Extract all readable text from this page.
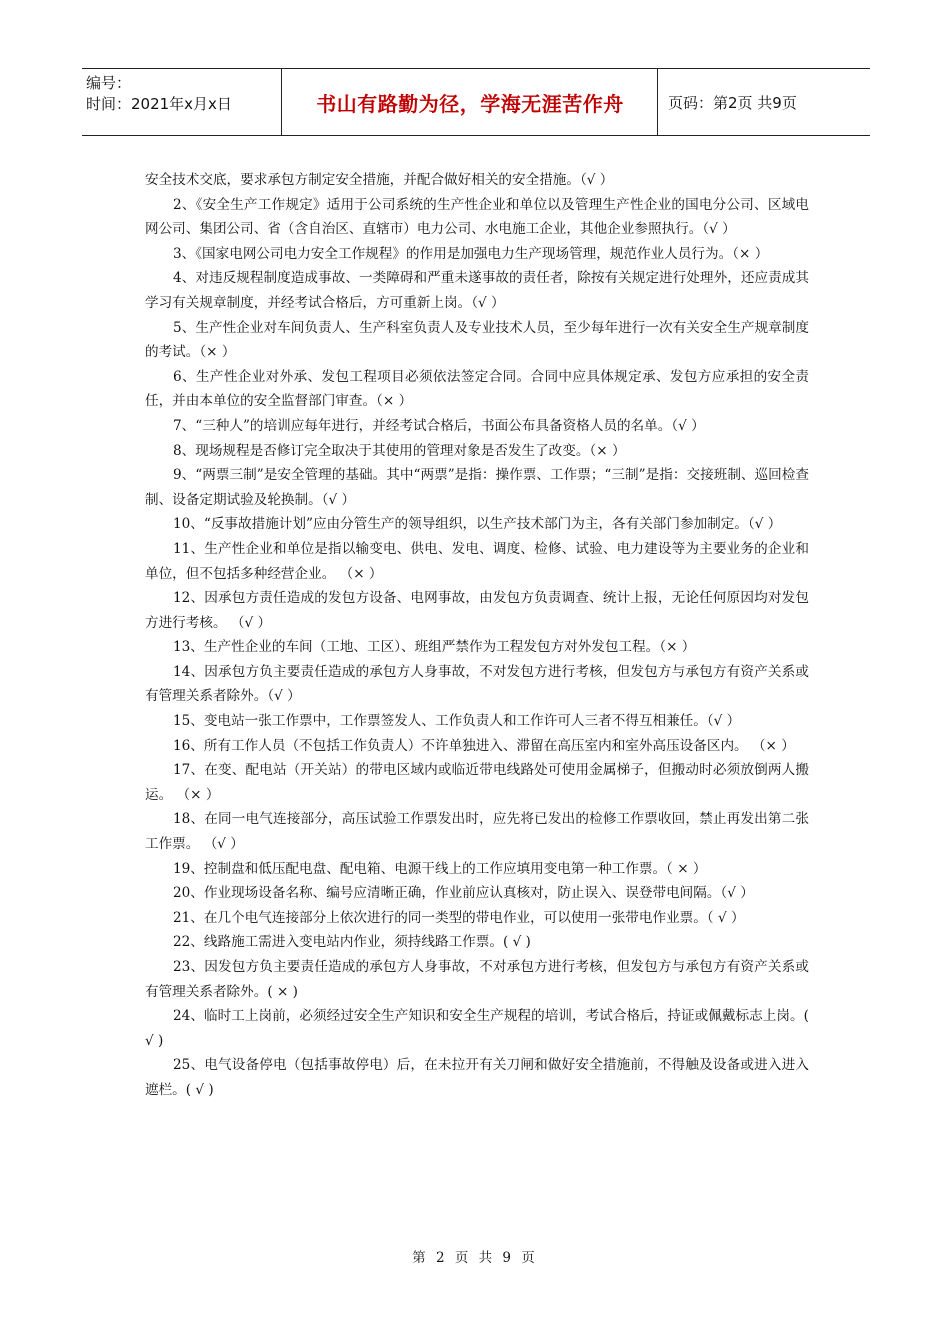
编号：
时间：2021年x月x日	书山有路勤为径，学海无涯苦作舟	页码：第2页 共9页

安全技术交底，要求承包方制定安全措施，并配合做好相关的安全措施。（√ ）

2、《安全生产工作规定》适用于公司系统的生产性企业和单位以及管理生产性企业的国电分公司、区域电网公司、集团公司、省（含自治区、直辖市）电力公司、水电施工企业，其他企业参照执行。（√ ）

3、《国家电网公司电力安全工作规程》的作用是加强电力生产现场管理，规范作业人员行为。（× ）

4、对违反规程制度造成事故、一类障碍和严重未遂事故的责任者，除按有关规定进行处理外，还应责成其学习有关规章制度，并经考试合格后，方可重新上岗。（√ ）

5、生产性企业对车间负责人、生产科室负责人及专业技术人员，至少每年进行一次有关安全生产规章制度的考试。（× ）

6、生产性企业对外承、发包工程项目必须依法签定合同。合同中应具体规定承、发包方应承担的安全责任，并由本单位的安全监督部门审查。（× ）

7、“三种人”的培训应每年进行，并经考试合格后，书面公布具备资格人员的名单。（√ ）

8、现场规程是否修订完全取决于其使用的管理对象是否发生了改变。（× ）

9、“两票三制”是安全管理的基础。其中“两票”是指：操作票、工作票；“三制”是指：交接班制、巡回检查制、设备定期试验及轮换制。（√ ）

10、“反事故措施计划”应由分管生产的领导组织，以生产技术部门为主，各有关部门参加制定。（√ ）

11、生产性企业和单位是指以输变电、供电、发电、调度、检修、试验、电力建设等为主要业务的企业和单位，但不包括多种经营企业。 （× ）

12、因承包方责任造成的发包方设备、电网事故，由发包方负责调查、统计上报，无论任何原因均对发包方进行考核。 （√ ）

13、生产性企业的车间（工地、工区）、班组严禁作为工程发包方对外发包工程。（× ）

14、因承包方负主要责任造成的承包方人身事故，不对发包方进行考核，但发包方与承包方有资产关系或有管理关系者除外。（√ ）

15、变电站一张工作票中，工作票签发人、工作负责人和工作许可人三者不得互相兼任。（√ ）

16、所有工作人员（不包括工作负责人）不许单独进入、滞留在高压室内和室外高压设备区内。 （× ）

17、在变、配电站（开关站）的带电区域内或临近带电线路处可使用金属梯子，但搬动时必须放倒两人搬运。 （× ）

18、在同一电气连接部分，高压试验工作票发出时，应先将已发出的检修工作票收回，禁止再发出第二张工作票。 （√ ）

19、控制盘和低压配电盘、配电箱、电源干线上的工作应填用变电第一种工作票。（ × ）

20、作业现场设备名称、编号应清晰正确，作业前应认真核对，防止误入、误登带电间隔。（√ ）

21、在几个电气连接部分上依次进行的同一类型的带电作业，可以使用一张带电作业票。（ √ ）

22、线路施工需进入变电站内作业，须持线路工作票。( √ )

23、因发包方负主要责任造成的承包方人身事故，不对承包方进行考核，但发包方与承包方有资产关系或有管理关系者除外。( × )

24、临时工上岗前，必须经过安全生产知识和安全生产规程的培训，考试合格后，持证或佩戴标志上岗。( √ )

25、电气设备停电（包括事故停电）后，在未拉开有关刀闸和做好安全措施前，不得触及设备或进入进入遮栏。( √ )

第 2 页 共 9 页
